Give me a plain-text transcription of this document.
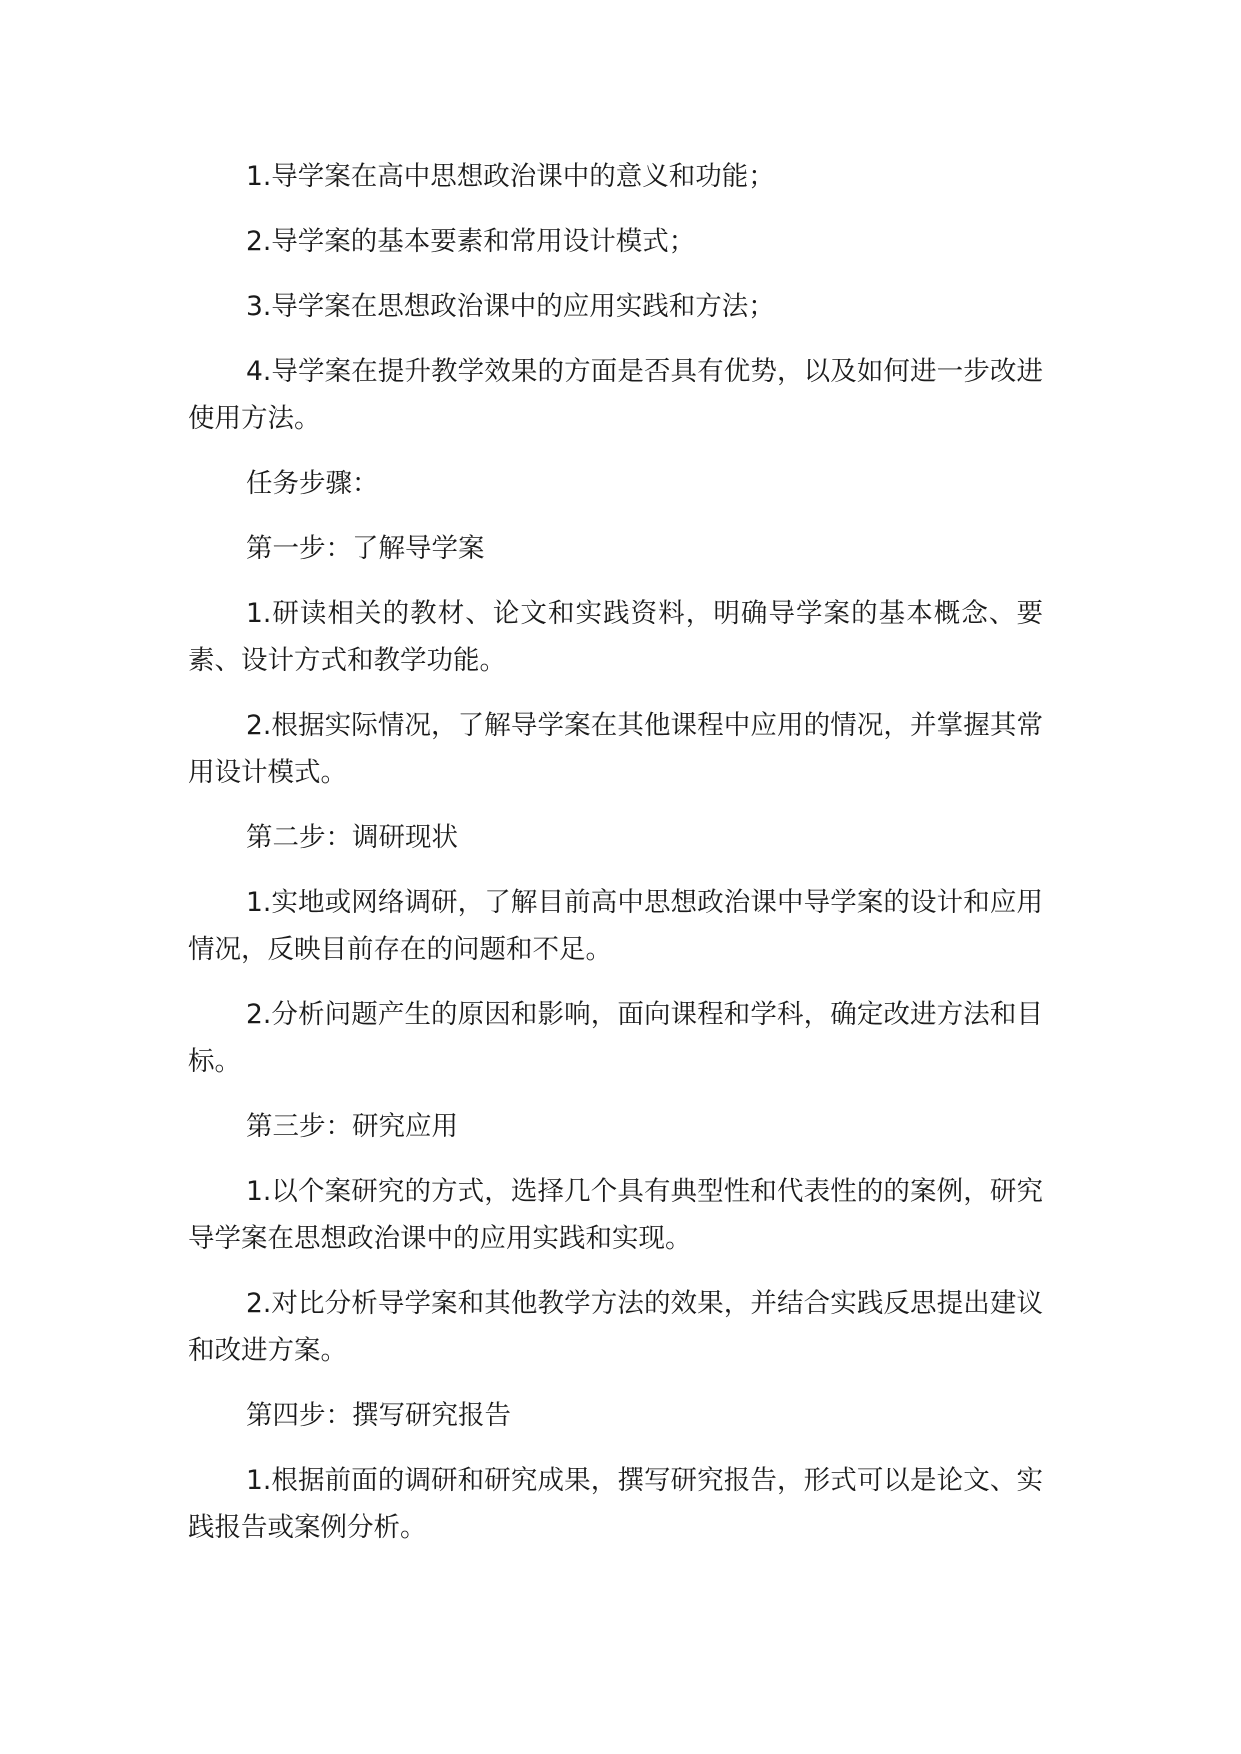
1.导学案在高中思想政治课中的意义和功能；

2.导学案的基本要素和常用设计模式；

3.导学案在思想政治课中的应用实践和方法；

4.导学案在提升教学效果的方面是否具有优势，以及如何进一步改进使用方法。

任务步骤：

第一步：了解导学案

1.研读相关的教材、论文和实践资料，明确导学案的基本概念、要素、设计方式和教学功能。

2.根据实际情况，了解导学案在其他课程中应用的情况，并掌握其常用设计模式。

第二步：调研现状

1.实地或网络调研，了解目前高中思想政治课中导学案的设计和应用情况，反映目前存在的问题和不足。

2.分析问题产生的原因和影响，面向课程和学科，确定改进方法和目标。

第三步：研究应用

1.以个案研究的方式，选择几个具有典型性和代表性的的案例，研究导学案在思想政治课中的应用实践和实现。

2.对比分析导学案和其他教学方法的效果，并结合实践反思提出建议和改进方案。

第四步：撰写研究报告

1.根据前面的调研和研究成果，撰写研究报告，形式可以是论文、实践报告或案例分析。
